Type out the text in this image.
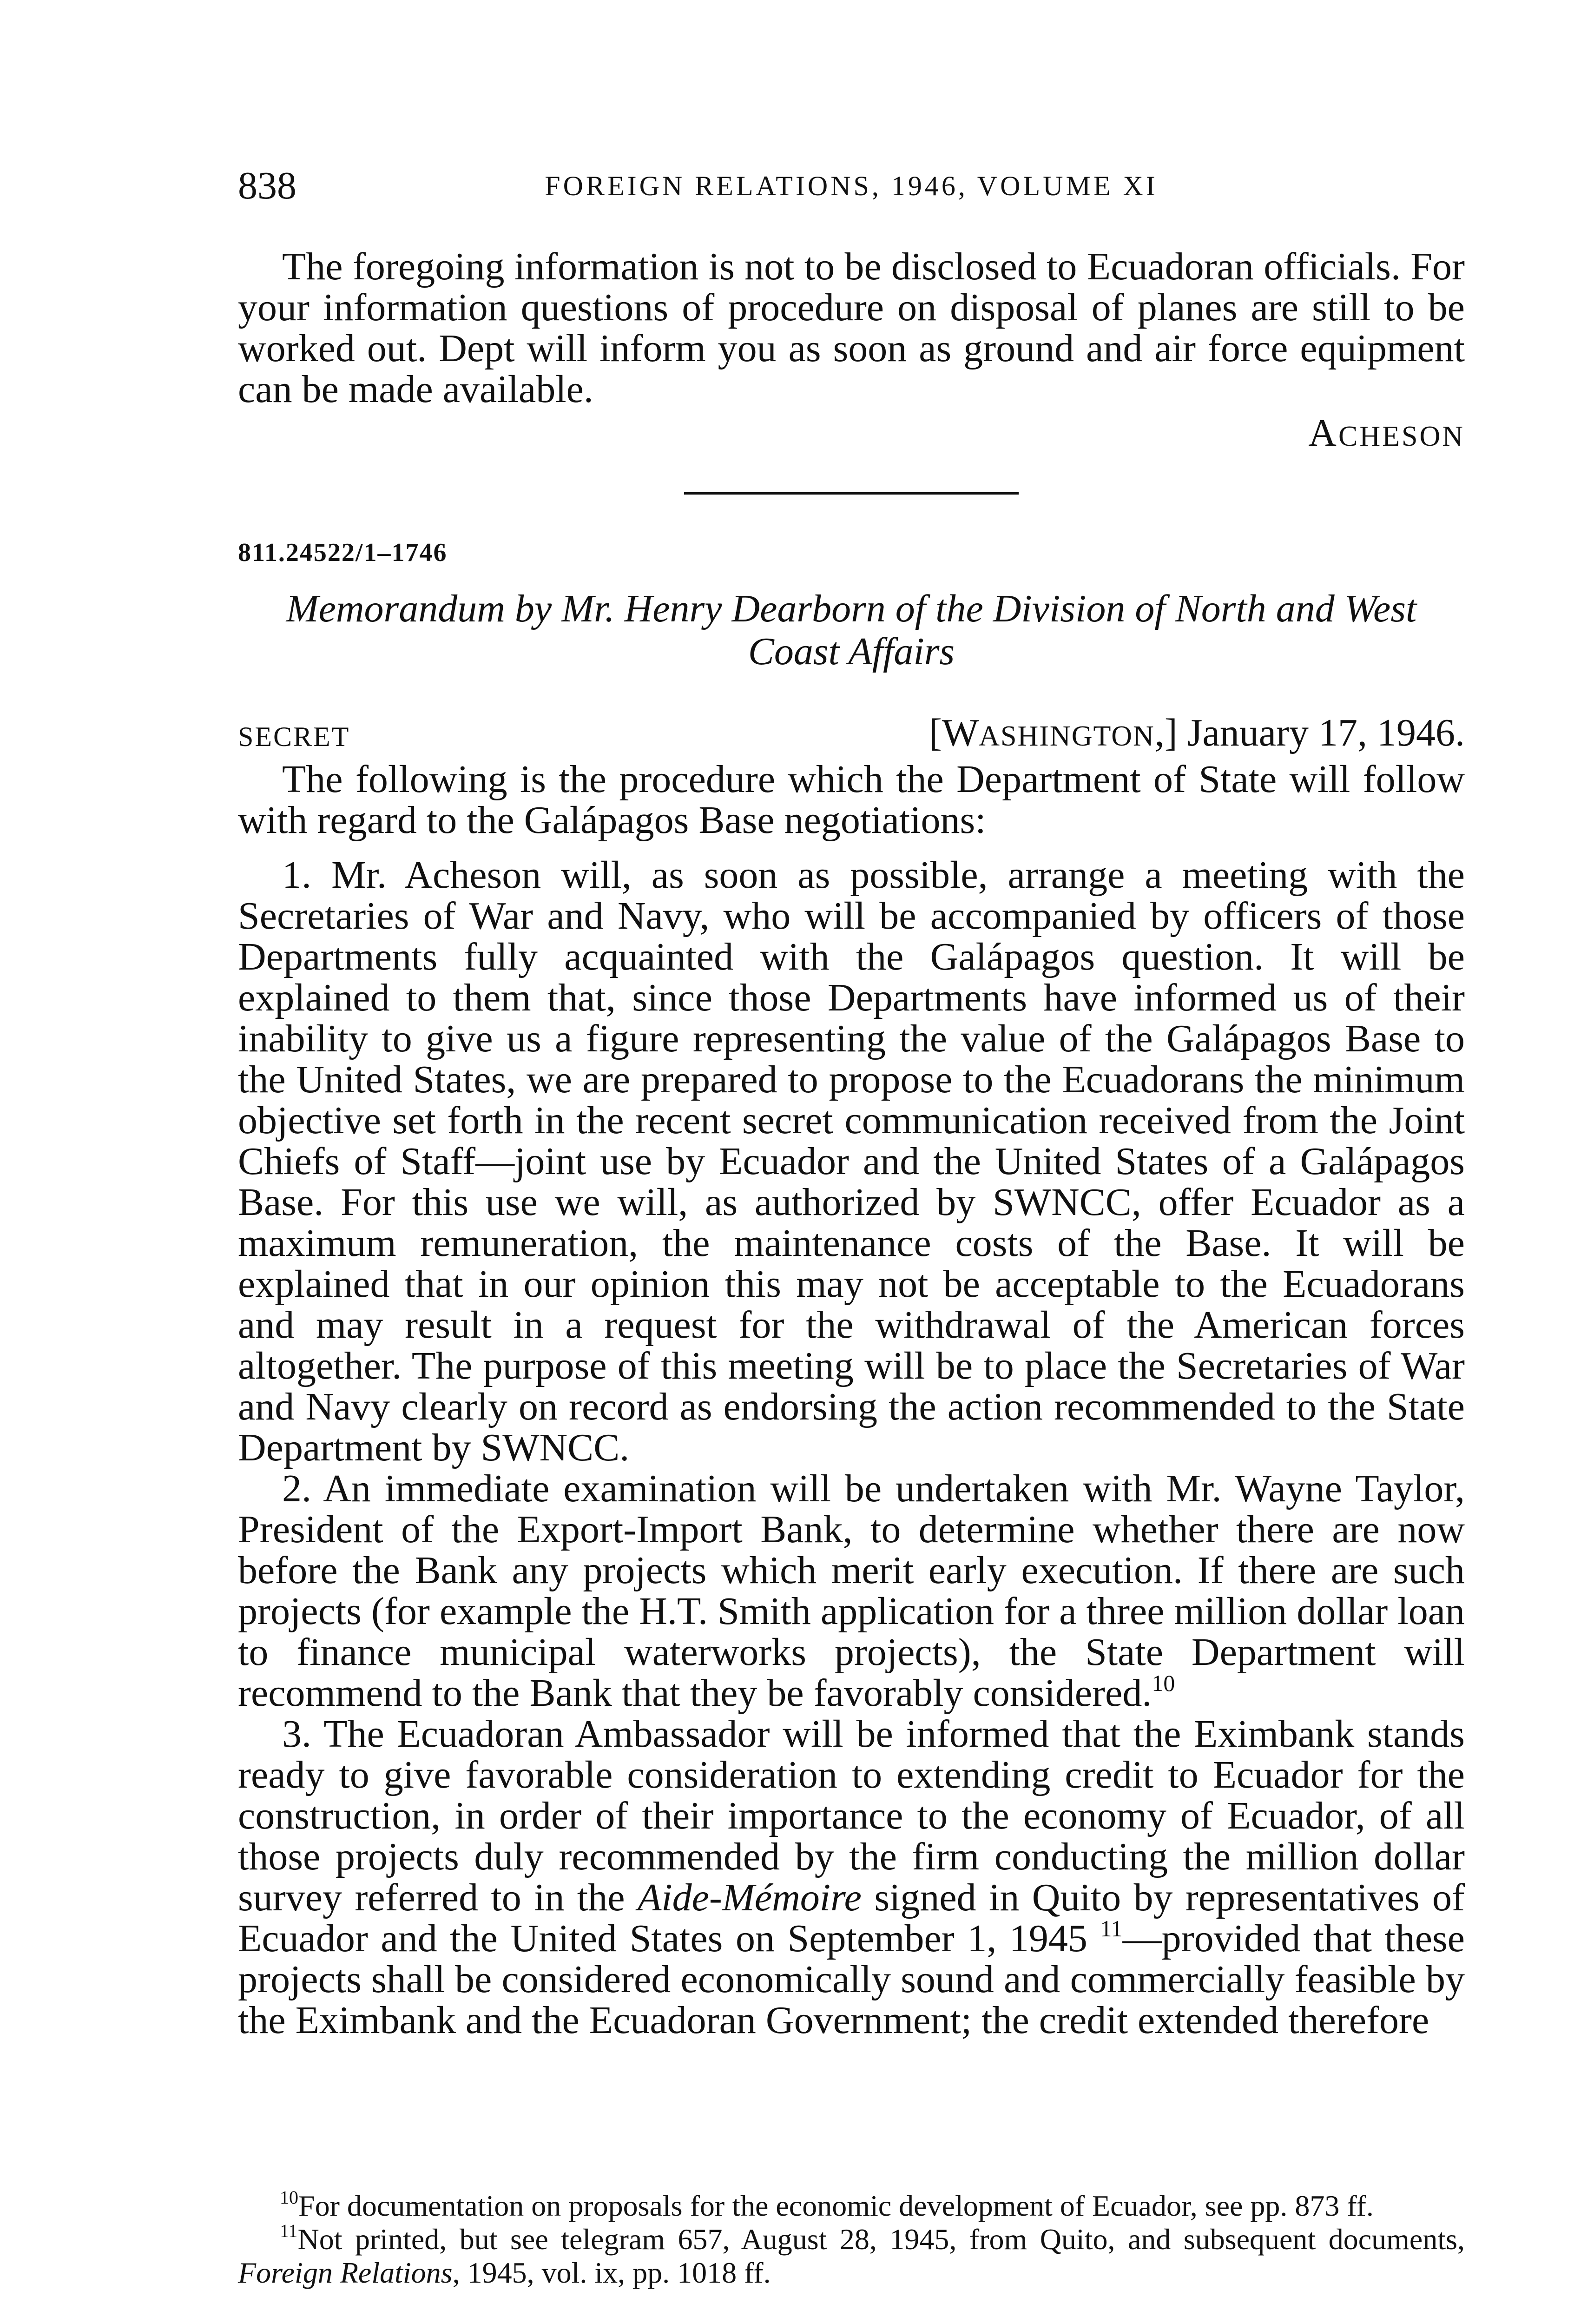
838	FOREIGN RELATIONS, 1946, VOLUME XI

The foregoing information is not to be disclosed to Ecuadoran officials. For your information questions of procedure on disposal of planes are still to be worked out. Dept will inform you as soon as ground and air force equipment can be made available.

ACHESON
811.24522/1–1746
Memorandum by Mr. Henry Dearborn of the Division of North and West Coast Affairs
SECRET	[WASHINGTON,] January 17, 1946.

The following is the procedure which the Department of State will follow with regard to the Galápagos Base negotiations:

1. Mr. Acheson will, as soon as possible, arrange a meeting with the Secretaries of War and Navy, who will be accompanied by officers of those Departments fully acquainted with the Galápagos question. It will be explained to them that, since those Departments have informed us of their inability to give us a figure representing the value of the Galápagos Base to the United States, we are prepared to propose to the Ecuadorans the minimum objective set forth in the recent secret communication received from the Joint Chiefs of Staff—joint use by Ecuador and the United States of a Galápagos Base. For this use we will, as authorized by SWNCC, offer Ecuador as a maximum remuneration, the maintenance costs of the Base. It will be explained that in our opinion this may not be acceptable to the Ecuadorans and may result in a request for the withdrawal of the American forces altogether. The purpose of this meeting will be to place the Secretaries of War and Navy clearly on record as endorsing the action recommended to the State Department by SWNCC.

2. An immediate examination will be undertaken with Mr. Wayne Taylor, President of the Export-Import Bank, to determine whether there are now before the Bank any projects which merit early execution. If there are such projects (for example the H.T. Smith application for a three million dollar loan to finance municipal waterworks projects), the State Department will recommend to the Bank that they be favorably considered.$^{10}$

3. The Ecuadoran Ambassador will be informed that the Eximbank stands ready to give favorable consideration to extending credit to Ecuador for the construction, in order of their importance to the economy of Ecuador, of all those projects duly recommended by the firm conducting the million dollar survey referred to in the Aide-Mémoire signed in Quito by representatives of Ecuador and the United States on September 1, 1945 $^{11}$—provided that these projects shall be considered economically sound and commercially feasible by the Eximbank and the Ecuadoran Government; the credit extended therefore

$^{10}$For documentation on proposals for the economic development of Ecuador, see pp. 873 ff.

$^{11}$Not printed, but see telegram 657, August 28, 1945, from Quito, and subsequent documents, Foreign Relations, 1945, vol. ix, pp. 1018 ff.
